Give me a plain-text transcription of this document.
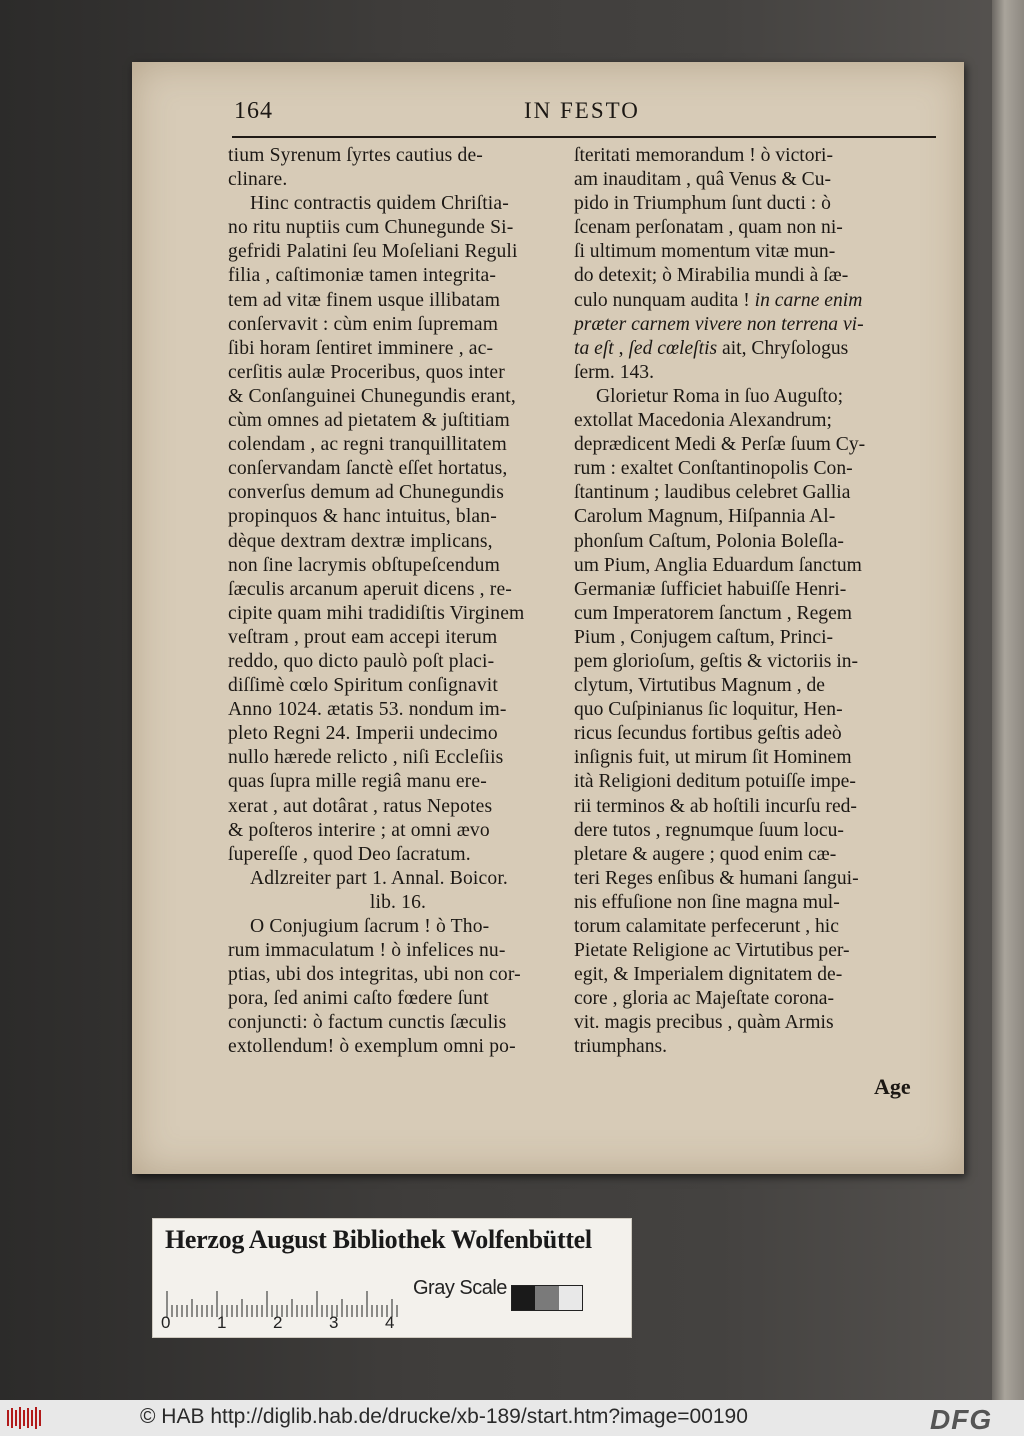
164	IN FESTO
tium Syrenum ſyrtes cautius de-
clinare.
Hinc contractis quidem Chriſtia-
no ritu nuptiis cum Chunegunde Si-
gefridi Palatini ſeu Moſeliani Reguli
filia , caſtimoniæ tamen integrita-
tem ad vitæ finem usque illibatam
conſervavit : cùm enim ſupremam
ſibi horam ſentiret imminere , ac-
cerſitis aulæ Proceribus, quos inter
& Conſanguinei Chunegundis erant,
cùm omnes ad pietatem & juſtitiam
colendam , ac regni tranquillitatem
conſervandam ſanctè eſſet hortatus,
converſus demum ad Chunegundis
propinquos & hanc intuitus, blan-
dèque dextram dextræ implicans,
non ſine lacrymis obſtupeſcendum
ſæculis arcanum aperuit dicens , re-
cipite quam mihi tradidiſtis Virginem
veſtram , prout eam accepi iterum
reddo, quo dicto paulò poſt placi-
diſſimè cœlo Spiritum conſignavit
Anno 1024. ætatis 53. nondum im-
pleto Regni 24. Imperii undecimo
nullo hærede relicto , niſi Eccleſiis
quas ſupra mille regiâ manu ere-
xerat , aut dotârat , ratus Nepotes
& poſteros interire ; at omni ævo
ſupereſſe , quod Deo ſacratum.
Adlzreiter part 1. Annal. Boicor.
lib. 16.
O Conjugium ſacrum ! ò Tho-
rum immaculatum ! ò infelices nu-
ptias, ubi dos integritas, ubi non cor-
pora, ſed animi caſto fœdere ſunt
conjuncti: ò factum cunctis ſæculis
extollendum! ò exemplum omni po-
ſteritati memorandum ! ò victori-
am inauditam , quâ Venus & Cu-
pido in Triumphum ſunt ducti : ò
ſcenam perſonatam , quam non ni-
ſi ultimum momentum vitæ mun-
do detexit; ò Mirabilia mundi à ſæ-
culo nunquam audita ! in carne enim
præter carnem vivere non terrena vi-
ta eſt , ſed cœleſtis ait, Chryſologus
ſerm. 143.
Glorietur Roma in ſuo Auguſto;
extollat Macedonia Alexandrum;
deprædicent Medi & Perſæ ſuum Cy-
rum : exaltet Conſtantinopolis Con-
ſtantinum ; laudibus celebret Gallia
Carolum Magnum, Hiſpannia Al-
phonſum Caſtum, Polonia Boleſla-
um Pium, Anglia Eduardum ſanctum
Germaniæ ſufficiet habuiſſe Henri-
cum Imperatorem ſanctum , Regem
Pium , Conjugem caſtum, Princi-
pem glorioſum, geſtis & victoriis in-
clytum, Virtutibus Magnum , de
quo Cuſpinianus ſic loquitur, Hen-
ricus ſecundus fortibus geſtis adeò
inſignis fuit, ut mirum ſit Hominem
ità Religioni deditum potuiſſe impe-
rii terminos & ab hoſtili incurſu red-
dere tutos , regnumque ſuum locu-
pletare & augere ; quod enim cæ-
teri Reges enſibus & humani ſangui-
nis effuſione non ſine magna mul-
torum calamitate perfecerunt , hic
Pietate Religione ac Virtutibus per-
egit, & Imperialem dignitatem de-
core , gloria ac Majeſtate corona-
vit. magis precibus , quàm Armis
triumphans.
Age
Herzog August Bibliothek Wolfenbüttel
0	1	2	3	4
Gray Scale
© HAB http://diglib.hab.de/drucke/xb-189/start.htm?image=00190	DFG
